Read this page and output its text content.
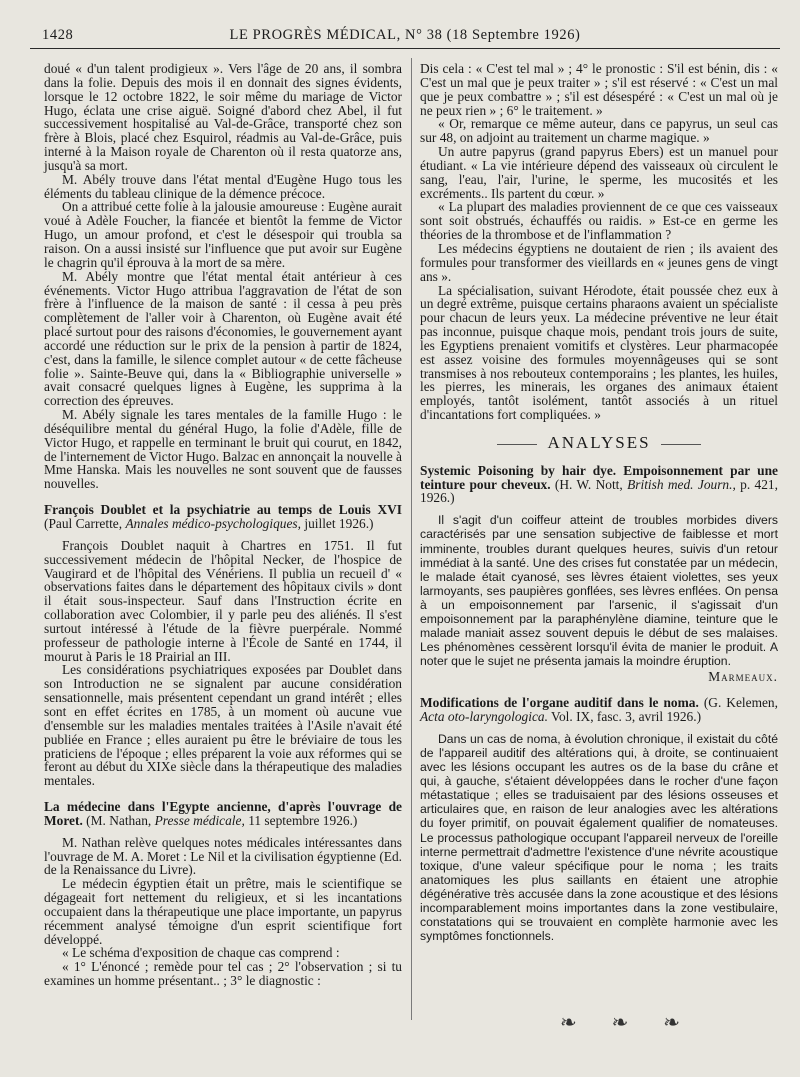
1428	LE PROGRÈS MÉDICAL, N° 38 (18 Septembre 1926)

doué « d'un talent prodigieux ». Vers l'âge de 20 ans, il sombra dans la folie. Depuis des mois il en donnait des signes évidents, lorsque le 12 octobre 1822, le soir même du mariage de Victor Hugo, éclata une crise aiguë. Soigné d'abord chez Abel, il fut successivement hospitalisé au Val-de-Grâce, transporté chez son frère à Blois, placé chez Esquirol, réadmis au Val-de-Grâce, puis interné à la Maison royale de Charenton où il resta quatorze ans, jusqu'à sa mort.

M. Abély trouve dans l'état mental d'Eugène Hugo tous les éléments du tableau clinique de la démence précoce.

On a attribué cette folie à la jalousie amoureuse : Eugène aurait voué à Adèle Foucher, la fiancée et bientôt la femme de Victor Hugo, un amour profond, et c'est le désespoir qui troubla sa raison. On a aussi insisté sur l'influence que put avoir sur Eugène le chagrin qu'il éprouva à la mort de sa mère.

M. Abély montre que l'état mental était antérieur à ces événements. Victor Hugo attribua l'aggravation de l'état de son frère à l'influence de la maison de santé : il cessa à peu près complètement de l'aller voir à Charenton, où Eugène avait été placé surtout pour des raisons d'économies, le gouvernement ayant accordé une réduction sur le prix de la pension à partir de 1824, c'est, dans la famille, le silence complet autour « de cette fâcheuse folie ». Sainte-Beuve qui, dans la « Bibliographie universelle » avait consacré quelques lignes à Eugène, les supprima à la correction des épreuves.

M. Abély signale les tares mentales de la famille Hugo : le déséquilibre mental du général Hugo, la folie d'Adèle, fille de Victor Hugo, et rappelle en terminant le bruit qui courut, en 1842, de l'internement de Victor Hugo. Balzac en annonçait la nouvelle à Mme Hanska. Mais les nouvelles ne sont souvent que de fausses nouvelles.

François Doublet et la psychiatrie au temps de Louis XVI (Paul Carrette, Annales médico-psychologiques, juillet 1926.)

François Doublet naquit à Chartres en 1751. Il fut successivement médecin de l'hôpital Necker, de l'hospice de Vaugirard et de l'hôpital des Vénériens. Il publia un recueil d' « observations faites dans le département des hôpitaux civils » dont il était sous-inspecteur. Sauf dans l'Instruction écrite en collaboration avec Colombier, il y parle peu des aliénés. Il s'est surtout intéressé à l'étude de la fièvre puerpérale. Nommé professeur de pathologie interne à l'École de Santé en 1744, il mourut à Paris le 18 Prairial an III.

Les considérations psychiatriques exposées par Doublet dans son Introduction ne se signalent par aucune considération sensationnelle, mais présentent cependant un grand intérêt ; elles sont en effet écrites en 1785, à un moment où aucune vue d'ensemble sur les maladies mentales traitées à l'Asile n'avait été publiée en France ; elles auraient pu être le bréviaire de tous les praticiens de l'époque ; elles préparent la voie aux réformes qui se feront au début du XIXe siècle dans la thérapeutique des maladies mentales.

La médecine dans l'Egypte ancienne, d'après l'ouvrage de Moret. (M. Nathan, Presse médicale, 11 septembre 1926.)

M. Nathan relève quelques notes médicales intéressantes dans l'ouvrage de M. A. Moret : Le Nil et la civilisation égyptienne (Ed. de la Renaissance du Livre).

Le médecin égyptien était un prêtre, mais le scientifique se dégageait fort nettement du religieux, et si les incantations occupaient dans la thérapeutique une place importante, un papyrus récemment analysé témoigne d'un esprit scientifique fort développé.

« Le schéma d'exposition de chaque cas comprend :

« 1° L'énoncé ; remède pour tel cas ; 2° l'observation ; si tu examines un homme présentant.. ; 3° le diagnostic :

Dis cela : « C'est tel mal » ; 4° le pronostic : S'il est bénin, dis : « C'est un mal que je peux traiter » ; s'il est réservé : « C'est un mal que je peux combattre » ; s'il est désespéré : « C'est un mal où je ne peux rien » ; 6° le traitement. »

« Or, remarque ce même auteur, dans ce papyrus, un seul cas sur 48, on adjoint au traitement un charme magique. »

Un autre papyrus (grand papyrus Ebers) est un manuel pour étudiant. « La vie intérieure dépend des vaisseaux où circulent le sang, l'eau, l'air, l'urine, le sperme, les mucosités et les excréments.. Ils partent du cœur. »

« La plupart des maladies proviennent de ce que ces vaisseaux sont soit obstrués, échauffés ou raidis. » Est-ce en germe les théories de la thrombose et de l'inflammation ?

Les médecins égyptiens ne doutaient de rien ; ils avaient des formules pour transformer des vieillards en « jeunes gens de vingt ans ».

La spécialisation, suivant Hérodote, était poussée chez eux à un degré extrême, puisque certains pharaons avaient un spécialiste pour chacun de leurs yeux. La médecine préventive ne leur était pas inconnue, puisque chaque mois, pendant trois jours de suite, les Egyptiens prenaient vomitifs et clystères. Leur pharmacopée est assez voisine des formules moyennâgeuses qui se sont transmises à nos rebouteux contemporains ; les plantes, les huiles, les pierres, les minerais, les organes des animaux étaient employés, tantôt isolément, tantôt associés à un rituel d'incantations fort compliquées. »

ANALYSES

Systemic Poisoning by hair dye. Empoisonnement par une teinture pour cheveux. (H. W. Nott, British med. Journ., p. 421, 1926.)

Il s'agit d'un coiffeur atteint de troubles morbides divers caractérisés par une sensation subjective de faiblesse et mort imminente, troubles durant quelques heures, suivis d'un retour immédiat à la santé. Une des crises fut constatée par un médecin, le malade était cyanosé, ses lèvres étaient violettes, ses yeux larmoyants, ses paupières gonflées, ses lèvres enflées. On pensa à un empoisonnement par l'arsenic, il s'agissait d'un empoisonnement par la paraphénylène diamine, teinture que le malade maniait assez souvent depuis le début de ses malaises. Les phénomènes cessèrent lorsqu'il évita de manier le produit. A noter que le sujet ne présenta jamais la moindre éruption.

Marmeaux.

Modifications de l'organe auditif dans le noma. (G. Kelemen, Acta oto-laryngologica. Vol. IX, fasc. 3, avril 1926.)

Dans un cas de noma, à évolution chronique, il existait du côté de l'appareil auditif des altérations qui, à droite, se continuaient avec les lésions occupant les autres os de la base du crâne et qui, à gauche, s'étaient développées dans le rocher d'une façon métastatique ; elles se traduisaient par des lésions osseuses et articulaires que, en raison de leur analogies avec les altérations du foyer primitif, on pouvait également qualifier de nomateuses. Le processus pathologique occupant l'appareil nerveux de l'oreille interne permettrait d'admettre l'existence d'une névrite acoustique toxique, d'une valeur spécifique pour le noma ; les traits anatomiques les plus saillants en étaient une atrophie dégénérative très accusée dans la zone acoustique et des lésions incomparablement moins importantes dans la zone vestibulaire, constatations qui se trouvaient en complète harmonie avec les symptômes fonctionnels.

❧ ❧ ❧
